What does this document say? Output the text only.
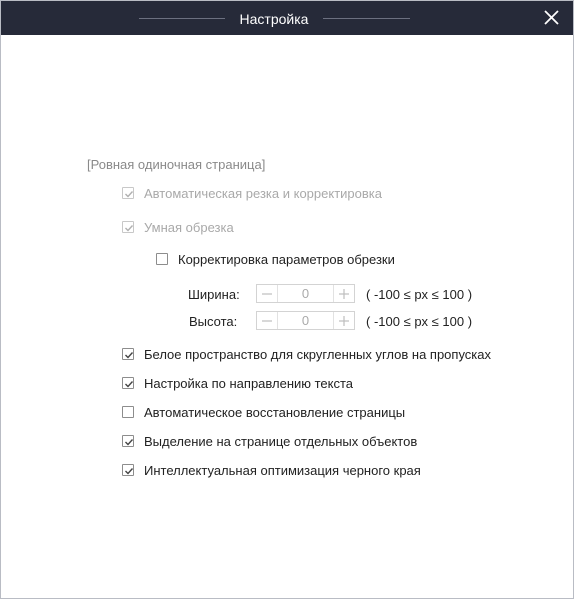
Настройка
[Ровная одиночная страница]
Автоматическая резка и корректировка
Умная обрезка
Корректировка параметров обрезки
Ширина:	0	( -100 ≤ px ≤ 100 )
Высота:	0	( -100 ≤ px ≤ 100 )
Белое пространство для скругленных углов на пропусках
Настройка по направлению текста
Автоматическое восстановление страницы
Выделение на странице отдельных объектов
Интеллектуальная оптимизация черного края
